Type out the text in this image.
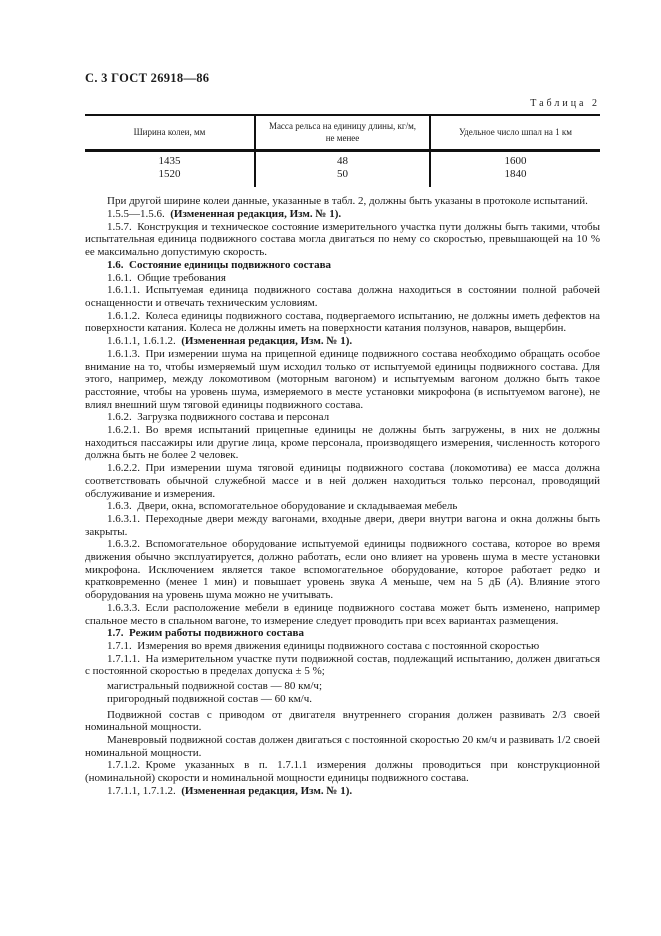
С. 3 ГОСТ 26918—86

Таблица 2

Ширина колеи, мм	Масса рельса на единицу длины, кг/м, не менее	Удельное число шпал на 1 км
1435	48	1600
1520	50	1840

При другой ширине колеи данные, указанные в табл. 2, должны быть указаны в протоколе испытаний.

1.5.5—1.5.6. (Измененная редакция, Изм. № 1).

1.5.7. Конструкция и техническое состояние измерительного участка пути должны быть такими, чтобы испытательная единица подвижного состава могла двигаться по нему со скоростью, превышающей на 10 % ее максимально допустимую скорость.

1.6. Состояние единицы подвижного состава

1.6.1. Общие требования

1.6.1.1. Испытуемая единица подвижного состава должна находиться в состоянии полной рабочей оснащенности и отвечать техническим условиям.

1.6.1.2. Колеса единицы подвижного состава, подвергаемого испытанию, не должны иметь дефектов на поверхности катания. Колеса не должны иметь на поверхности катания ползунов, наваров, выщербин.

1.6.1.1, 1.6.1.2. (Измененная редакция, Изм. № 1).

1.6.1.3. При измерении шума на прицепной единице подвижного состава необходимо обращать особое внимание на то, чтобы измеряемый шум исходил только от испытуемой единицы подвижного состава. Для этого, например, между локомотивом (моторным вагоном) и испытуемым вагоном должно быть такое расстояние, чтобы на уровень шума, измеряемого в месте установки микрофона (в испытуемом вагоне), не влиял внешний шум тяговой единицы подвижного состава.

1.6.2. Загрузка подвижного состава и персонал

1.6.2.1. Во время испытаний прицепные единицы не должны быть загружены, в них не должны находиться пассажиры или другие лица, кроме персонала, производящего измерения, численность которого должна быть не более 2 человек.

1.6.2.2. При измерении шума тяговой единицы подвижного состава (локомотива) ее масса должна соответствовать обычной служебной массе и в ней должен находиться только персонал, проводящий обслуживание и измерения.

1.6.3. Двери, окна, вспомогательное оборудование и складываемая мебель

1.6.3.1. Переходные двери между вагонами, входные двери, двери внутри вагона и окна должны быть закрыты.

1.6.3.2. Вспомогательное оборудование испытуемой единицы подвижного состава, которое во время движения обычно эксплуатируется, должно работать, если оно влияет на уровень шума в месте установки микрофона. Исключением является такое вспомогательное оборудование, которое работает редко и кратковременно (менее 1 мин) и повышает уровень звука А меньше, чем на 5 дБ (А). Влияние этого оборудования на уровень шума можно не учитывать.

1.6.3.3. Если расположение мебели в единице подвижного состава может быть изменено, например спальное место в спальном вагоне, то измерение следует проводить при всех вариантах размещения.

1.7. Режим работы подвижного состава

1.7.1. Измерения во время движения единицы подвижного состава с постоянной скоростью

1.7.1.1. На измерительном участке пути подвижной состав, подлежащий испытанию, должен двигаться с постоянной скоростью в пределах допуска ± 5 %;

магистральный подвижной состав — 80 км/ч;

пригородный подвижной состав — 60 км/ч.

Подвижной состав с приводом от двигателя внутреннего сгорания должен развивать 2/3 своей номинальной мощности.

Маневровый подвижной состав должен двигаться с постоянной скоростью 20 км/ч и развивать 1/2 своей номинальной мощности.

1.7.1.2. Кроме указанных в п. 1.7.1.1 измерения должны проводиться при конструкционной (номинальной) скорости и номинальной мощности единицы подвижного состава.

1.7.1.1, 1.7.1.2. (Измененная редакция, Изм. № 1).
